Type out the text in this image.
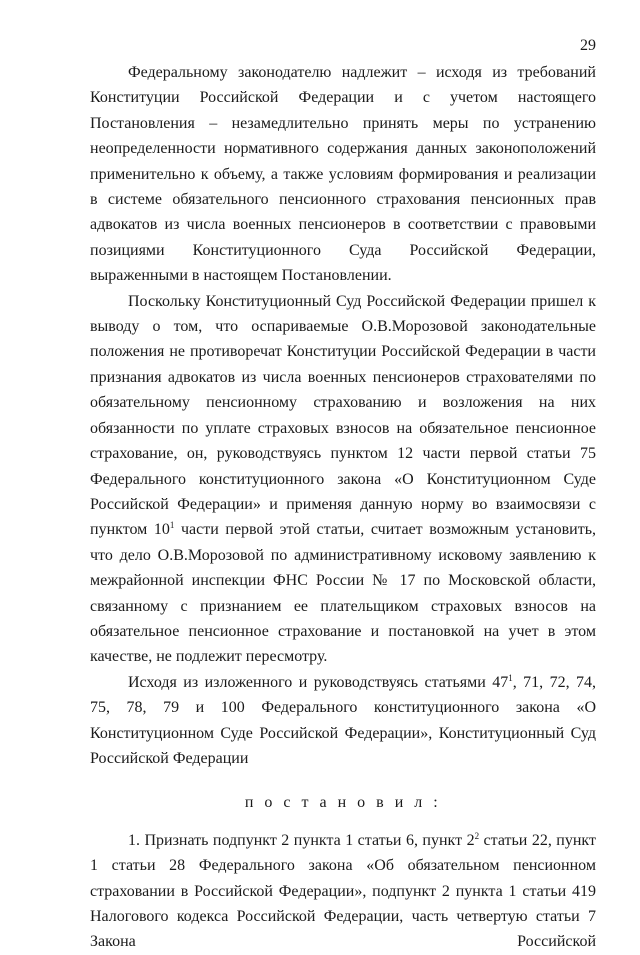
29

Федеральному законодателю надлежит – исходя из требований Конституции Российской Федерации и с учетом настоящего Постановления – незамедлительно принять меры по устранению неопределенности нормативного содержания данных законоположений применительно к объему, а также условиям формирования и реализации в системе обязательного пенсионного страхования пенсионных прав адвокатов из числа военных пенсионеров в соответствии с правовыми позициями Конституционного Суда Российской Федерации, выраженными в настоящем Постановлении.

Поскольку Конституционный Суд Российской Федерации пришел к выводу о том, что оспариваемые О.В.Морозовой законодательные положения не противоречат Конституции Российской Федерации в части признания адвокатов из числа военных пенсионеров страхователями по обязательному пенсионному страхованию и возложения на них обязанности по уплате страховых взносов на обязательное пенсионное страхование, он, руководствуясь пунктом 12 части первой статьи 75 Федерального конституционного закона «О Конституционном Суде Российской Федерации» и применяя данную норму во взаимосвязи с пунктом $10^1$ части первой этой статьи, считает возможным установить, что дело О.В.Морозовой по административному исковому заявлению к межрайонной инспекции ФНС России № 17 по Московской области, связанному с признанием ее плательщиком страховых взносов на обязательное пенсионное страхование и постановкой на учет в этом качестве, не подлежит пересмотру.

Исходя из изложенного и руководствуясь статьями $47^1$, 71, 72, 74, 75, 78, 79 и 100 Федерального конституционного закона «О Конституционном Суде Российской Федерации», Конституционный Суд Российской Федерации

п о с т а н о в и л :

1. Признать подпункт 2 пункта 1 статьи 6, пункт $2^2$ статьи 22, пункт 1 статьи 28 Федерального закона «Об обязательном пенсионном страховании в Российской Федерации», подпункт 2 пункта 1 статьи 419 Налогового кодекса Российской Федерации, часть четвертую статьи 7 Закона Российской
